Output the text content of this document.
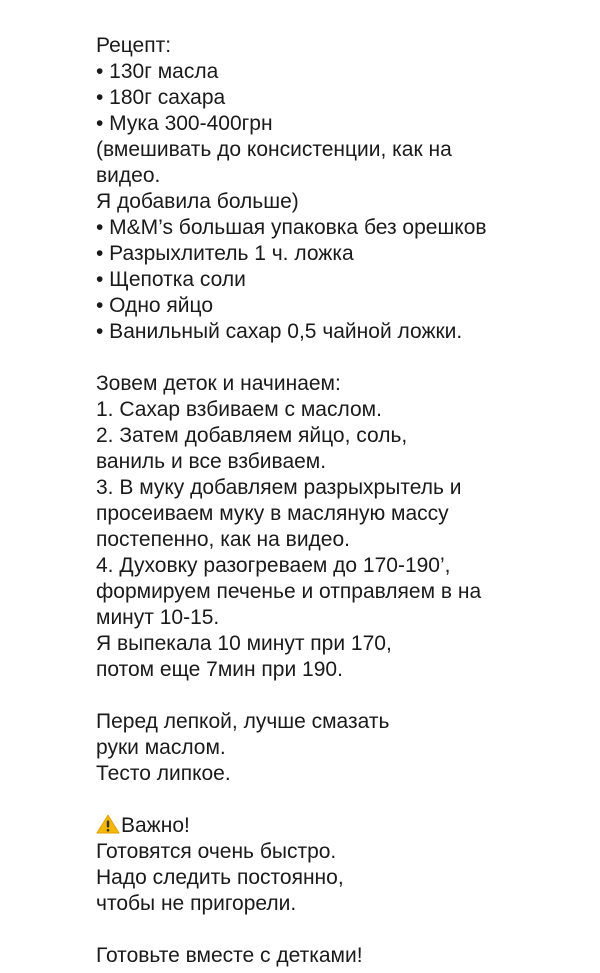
Рецепт:
• 130г масла
• 180г сахара
• Мука 300-400грн
(вмешивать до консистенции, как на
видео.
Я добавила больше)
• M&M’s большая упаковка без орешков
• Разрыхлитель 1 ч. ложка
• Щепотка соли
• Одно яйцо
• Ванильный сахар 0,5 чайной ложки.
Зовем деток и начинаем:
1. Сахар взбиваем с маслом.
2. Затем добавляем яйцо, соль,
ваниль и все взбиваем.
3. В муку добавляем разрыхрытель и
просеиваем муку в масляную массу
постепенно, как на видео.
4. Духовку разогреваем до 170-190’,
формируем печенье и отправляем в на
минут 10-15.
Я выпекала 10 минут при 170,
потом еще 7мин при 190.
Перед лепкой, лучше смазать
руки маслом.
Тесто липкое.
Важно!
Готовятся очень быстро.
Надо следить постоянно,
чтобы не пригорели.
Готовьте вместе с детками!
